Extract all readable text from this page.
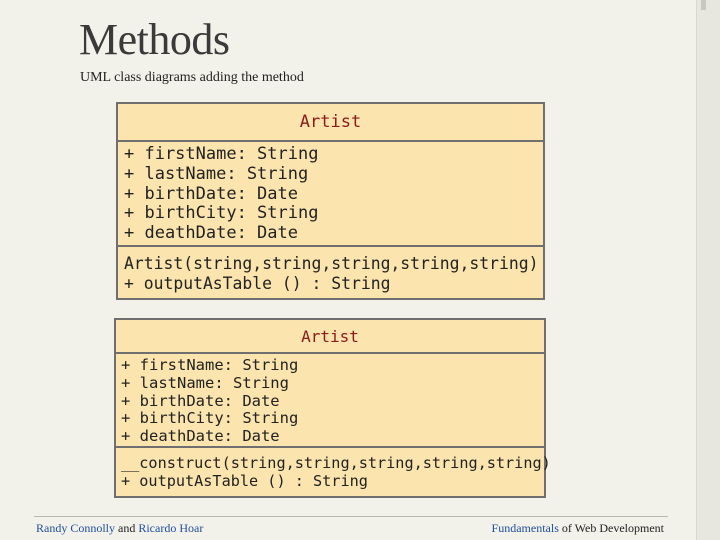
Methods
UML class diagrams adding the method
Artist
+ firstName: String
+ lastName: String
+ birthDate: Date
+ birthCity: String
+ deathDate: Date
Artist(string,string,string,string,string)
+ outputAsTable () : String
Artist
+ firstName: String
+ lastName: String
+ birthDate: Date
+ birthCity: String
+ deathDate: Date
__construct(string,string,string,string,string)
+ outputAsTable () : String
Randy Connolly and Ricardo Hoar	Fundamentals of Web Development
